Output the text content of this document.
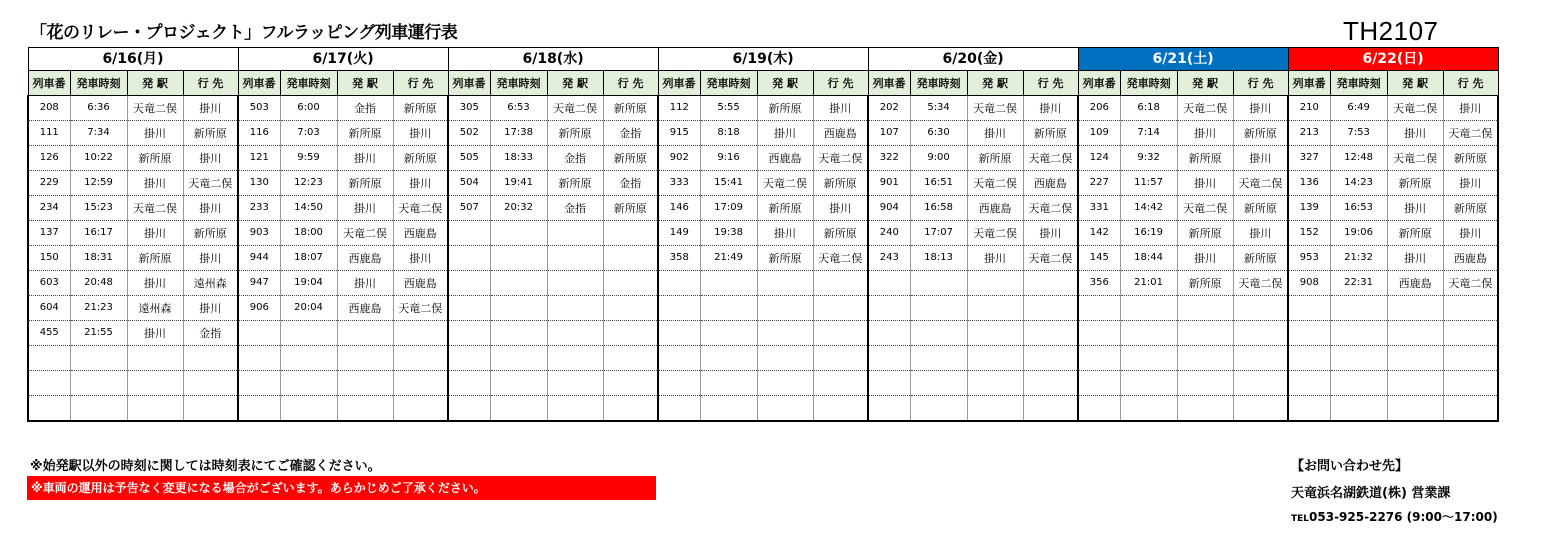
「花のリレー・プロジェクト」フルラッピング列車運行表	TH2107
6/16(月)				6/17(火)				6/18(水)				6/19(木)				6/20(金)				6/21(土)				6/22(日)			
列車番	発車時刻	発 駅	行 先	列車番	発車時刻	発 駅	行 先	列車番	発車時刻	発 駅	行 先	列車番	発車時刻	発 駅	行 先	列車番	発車時刻	発 駅	行 先	列車番	発車時刻	発 駅	行 先	列車番	発車時刻	発 駅	行 先
208	6:36	天竜二俣	掛川	503	6:00	金指	新所原	305	6:53	天竜二俣	新所原	112	5:55	新所原	掛川	202	5:34	天竜二俣	掛川	206	6:18	天竜二俣	掛川	210	6:49	天竜二俣	掛川
111	7:34	掛川	新所原	116	7:03	新所原	掛川	502	17:38	新所原	金指	915	8:18	掛川	西鹿島	107	6:30	掛川	新所原	109	7:14	掛川	新所原	213	7:53	掛川	天竜二俣
126	10:22	新所原	掛川	121	9:59	掛川	新所原	505	18:33	金指	新所原	902	9:16	西鹿島	天竜二俣	322	9:00	新所原	天竜二俣	124	9:32	新所原	掛川	327	12:48	天竜二俣	新所原
229	12:59	掛川	天竜二俣	130	12:23	新所原	掛川	504	19:41	新所原	金指	333	15:41	天竜二俣	新所原	901	16:51	天竜二俣	西鹿島	227	11:57	掛川	天竜二俣	136	14:23	新所原	掛川
234	15:23	天竜二俣	掛川	233	14:50	掛川	天竜二俣	507	20:32	金指	新所原	146	17:09	新所原	掛川	904	16:58	西鹿島	天竜二俣	331	14:42	天竜二俣	新所原	139	16:53	掛川	新所原
137	16:17	掛川	新所原	903	18:00	天竜二俣	西鹿島					149	19:38	掛川	新所原	240	17:07	天竜二俣	掛川	142	16:19	新所原	掛川	152	19:06	新所原	掛川
150	18:31	新所原	掛川	944	18:07	西鹿島	掛川					358	21:49	新所原	天竜二俣	243	18:13	掛川	天竜二俣	145	18:44	掛川	新所原	953	21:32	掛川	西鹿島
603	20:48	掛川	遠州森	947	19:04	掛川	西鹿島													356	21:01	新所原	天竜二俣	908	22:31	西鹿島	天竜二俣
604	21:23	遠州森	掛川	906	20:04	西鹿島	天竜二俣																				
455	21:55	掛川	金指																								

※始発駅以外の時刻に関しては時刻表にてご確認ください。
※車両の運用は予告なく変更になる場合がございます。あらかじめご了承ください。
【お問い合わせ先】
天竜浜名湖鉄道(株) 営業課
TEL053-925-2276 (9:00～17:00)
